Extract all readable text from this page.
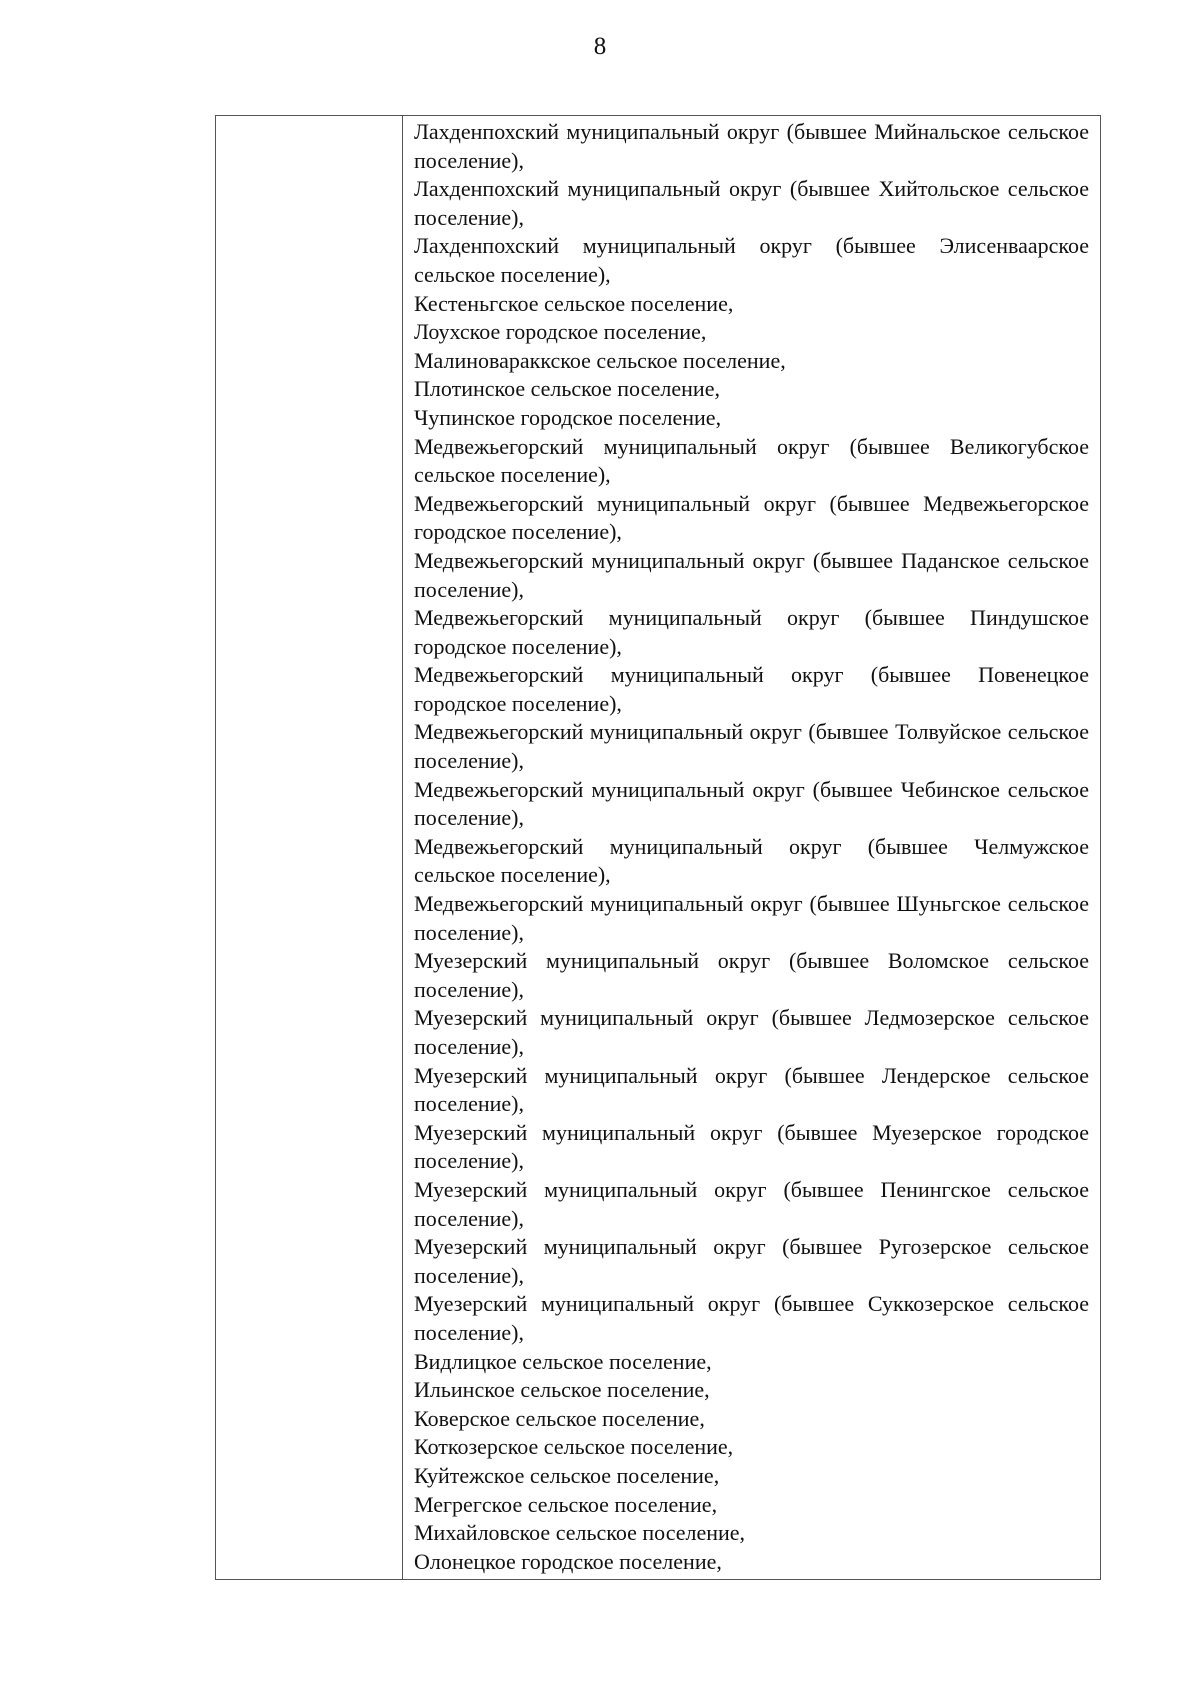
8

Лахденпохский муниципальный округ (бывшее Мийнальское сельское поселение),

Лахденпохский муниципальный округ (бывшее Хийтольское сельское поселение),

Лахденпохский муниципальный округ (бывшее Элисенваарское сельское поселение),

Кестеньгское сельское поселение,

Лоухское городское поселение,

Малиновараккское сельское поселение,

Плотинское сельское поселение,

Чупинское городское поселение,

Медвежьегорский муниципальный округ (бывшее Великогубское сельское поселение),

Медвежьегорский муниципальный округ (бывшее Медвежьегорское городское поселение),

Медвежьегорский муниципальный округ (бывшее Паданское сельское поселение),

Медвежьегорский муниципальный округ (бывшее Пиндушское городское поселение),

Медвежьегорский муниципальный округ (бывшее Повенецкое городское поселение),

Медвежьегорский муниципальный округ (бывшее Толвуйское сельское поселение),

Медвежьегорский муниципальный округ (бывшее Чебинское сельское поселение),

Медвежьегорский муниципальный округ (бывшее Челмужское сельское поселение),

Медвежьегорский муниципальный округ (бывшее Шуньгское сельское поселение),

Муезерский муниципальный округ (бывшее Воломское сельское поселение),

Муезерский муниципальный округ (бывшее Ледмозерское сельское поселение),

Муезерский муниципальный округ (бывшее Лендерское сельское поселение),

Муезерский муниципальный округ (бывшее Муезерское городское поселение),

Муезерский муниципальный округ (бывшее Пенингское сельское поселение),

Муезерский муниципальный округ (бывшее Ругозерское сельское поселение),

Муезерский муниципальный округ (бывшее Суккозерское сельское поселение),

Видлицкое сельское поселение,

Ильинское сельское поселение,

Коверское сельское поселение,

Коткозерское сельское поселение,

Куйтежское сельское поселение,

Мегрегское сельское поселение,

Михайловское сельское поселение,

Олонецкое городское поселение,
